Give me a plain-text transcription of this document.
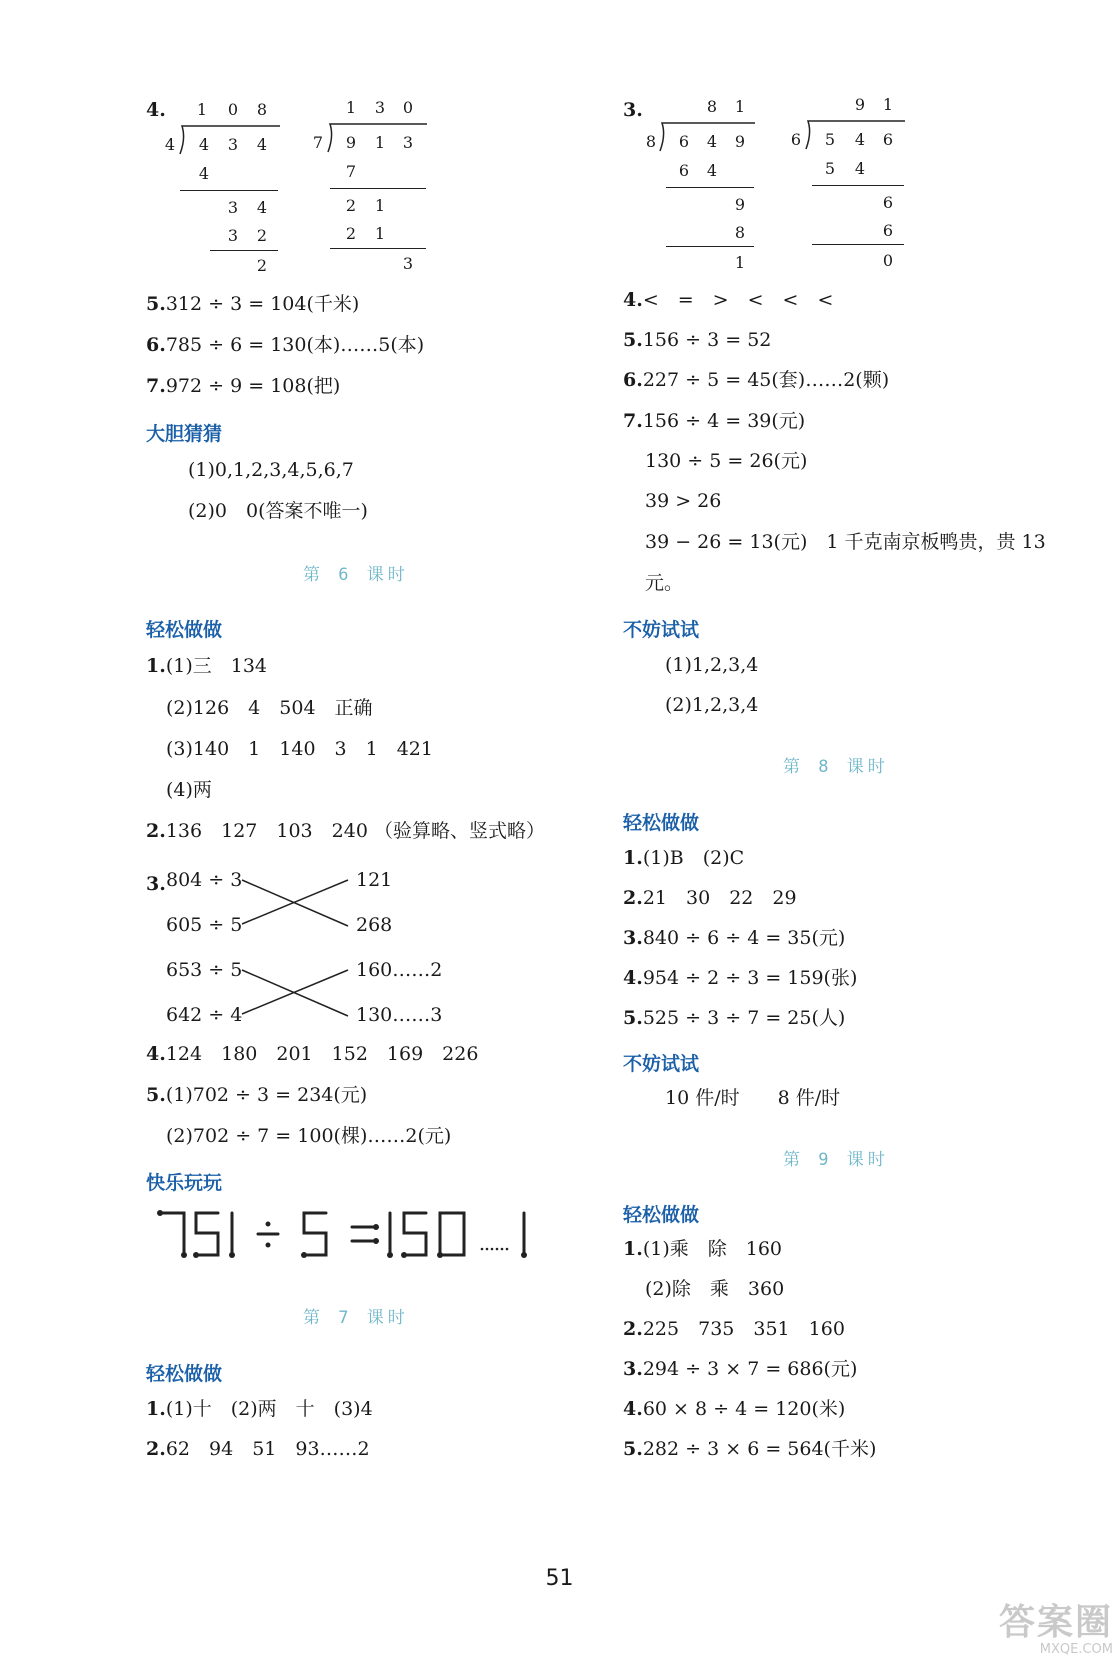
4. 1 0 8
4 4 3 4
4
3 4
3 2
2
1 3 0
7 9 1 3
7
2 1
2 1
3
5.312 ÷ 3 = 104(千米)
6.785 ÷ 6 = 130(本)……5(本)
7.972 ÷ 9 = 108(把)
大胆猜猜
(1)0,1,2,3,4,5,6,7
(2)0　0(答案不唯一)
第 6 课时
轻松做做
1.(1)三　134
(2)126　4　504　正确
(3)140　1　140　3　1　421
(4)两
2.136　127　103　240 （验算略、竖式略）
3. 804 ÷ 3
605 ÷ 5
653 ÷ 5
642 ÷ 4
121
268
160……2
130……3
4.124　180　201　152　169　226
5.(1)702 ÷ 3 = 234(元)
(2)702 ÷ 7 = 100(棵)……2(元)
快乐玩玩
第 7 课时
轻松做做
1.(1)十　(2)两　十　(3)4
2.62　94　51　93……2
3.	8 1
8 6 4 9
6 4
9
8
1
9 1
6 5 4 6
5 4
6
6
0
4.<　=　>　<　<　<
5.156 ÷ 3 = 52
6.227 ÷ 5 = 45(套)……2(颗)
7.156 ÷ 4 = 39(元)
130 ÷ 5 = 26(元)
39 > 26
39 − 26 = 13(元)　1 千克南京板鸭贵，贵 13
元。
不妨试试
(1)1,2,3,4
(2)1,2,3,4
第 8 课时
轻松做做
1.(1)B　(2)C
2.21　30　22　29
3.840 ÷ 6 ÷ 4 = 35(元)
4.954 ÷ 2 ÷ 3 = 159(张)
5.525 ÷ 3 ÷ 7 = 25(人)
不妨试试
10 件/时　　8 件/时
第 9 课时
轻松做做
1.(1)乘　除　160
(2)除　乘　360
2.225　735　351　160
3.294 ÷ 3 × 7 = 686(元)
4.60 × 8 ÷ 4 = 120(米)
5.282 ÷ 3 × 6 = 564(千米)
51
答案圈
MXQE.COM
